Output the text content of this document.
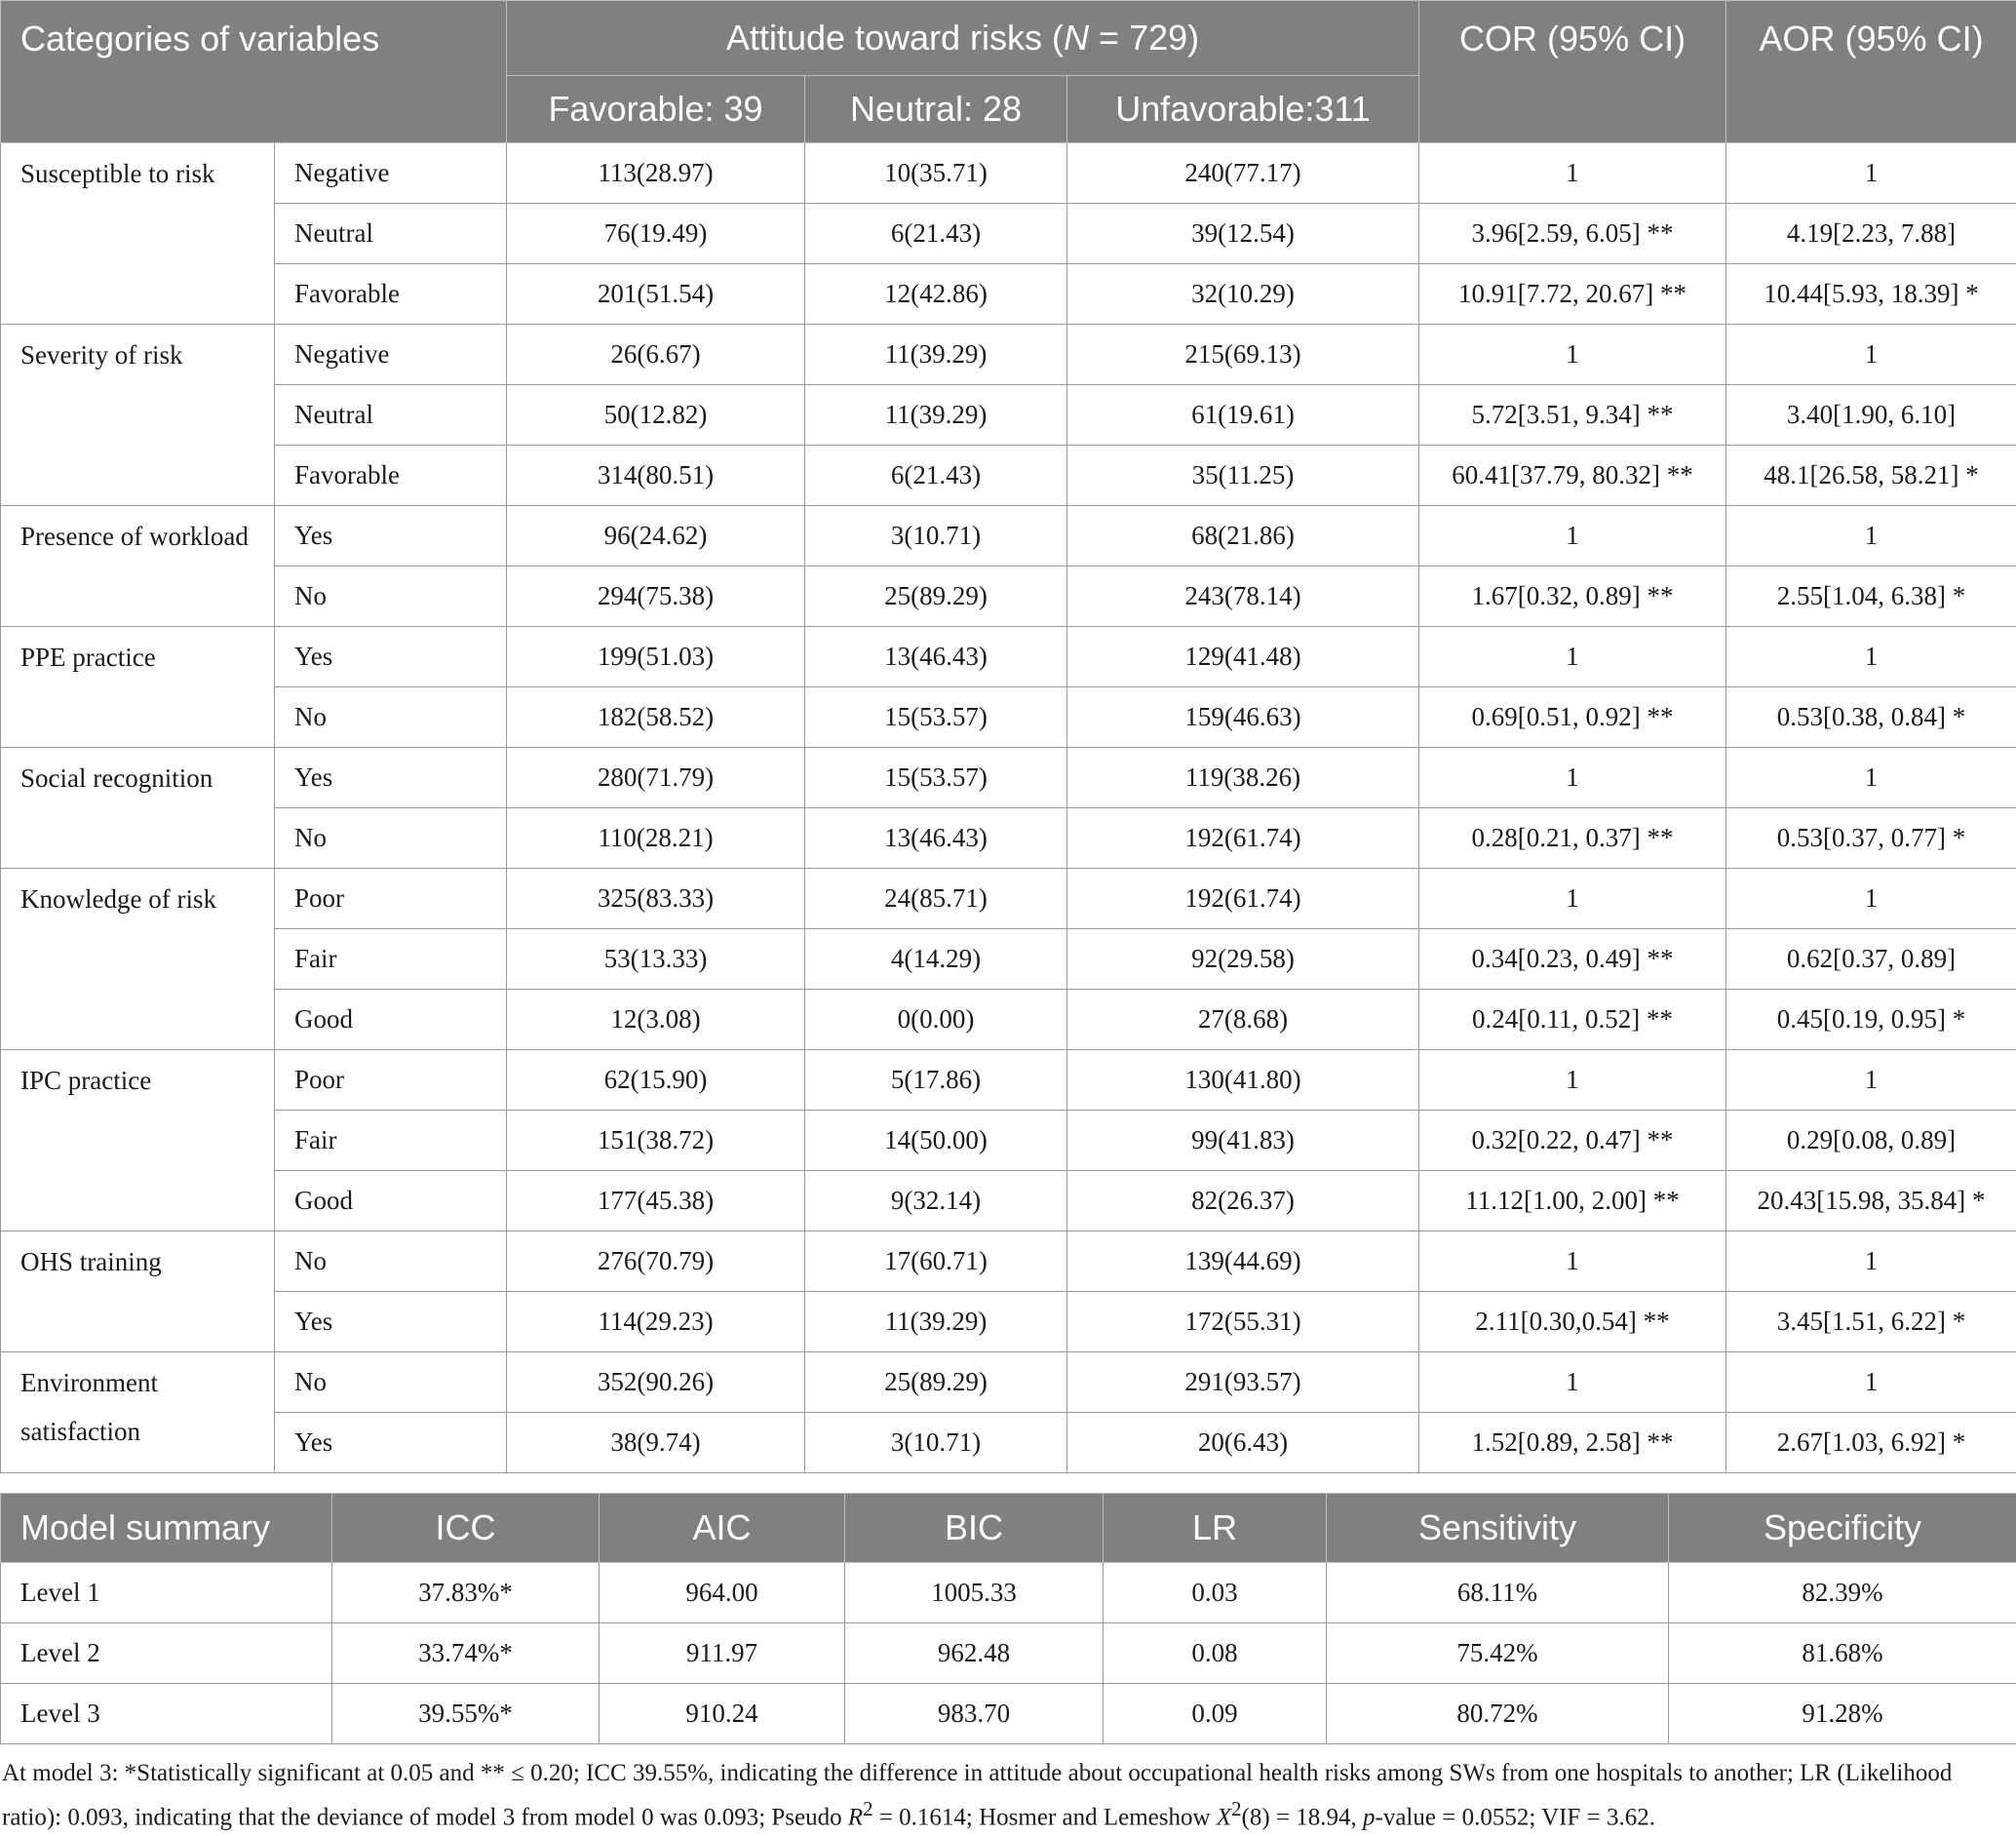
Categories of variables		Attitude toward risks (N = 729)			COR (95% CI)	AOR (95% CI)
		Favorable: 39	Neutral: 28	Unfavorable:311		
Susceptible to risk	Negative	113(28.97)	10(35.71)	240(77.17)	1	1
	Neutral	76(19.49)	6(21.43)	39(12.54)	3.96[2.59, 6.05] **	4.19[2.23, 7.88]
	Favorable	201(51.54)	12(42.86)	32(10.29)	10.91[7.72, 20.67] **	10.44[5.93, 18.39] *
Severity of risk	Negative	26(6.67)	11(39.29)	215(69.13)	1	1
	Neutral	50(12.82)	11(39.29)	61(19.61)	5.72[3.51, 9.34] **	3.40[1.90, 6.10]
	Favorable	314(80.51)	6(21.43)	35(11.25)	60.41[37.79, 80.32] **	48.1[26.58, 58.21] *
Presence of workload	Yes	96(24.62)	3(10.71)	68(21.86)	1	1
	No	294(75.38)	25(89.29)	243(78.14)	1.67[0.32, 0.89] **	2.55[1.04, 6.38] *
PPE practice	Yes	199(51.03)	13(46.43)	129(41.48)	1	1
	No	182(58.52)	15(53.57)	159(46.63)	0.69[0.51, 0.92] **	0.53[0.38, 0.84] *
Social recognition	Yes	280(71.79)	15(53.57)	119(38.26)	1	1
	No	110(28.21)	13(46.43)	192(61.74)	0.28[0.21, 0.37] **	0.53[0.37, 0.77] *
Knowledge of risk	Poor	325(83.33)	24(85.71)	192(61.74)	1	1
	Fair	53(13.33)	4(14.29)	92(29.58)	0.34[0.23, 0.49] **	0.62[0.37, 0.89]
	Good	12(3.08)	0(0.00)	27(8.68)	0.24[0.11, 0.52] **	0.45[0.19, 0.95] *
IPC practice	Poor	62(15.90)	5(17.86)	130(41.80)	1	1
	Fair	151(38.72)	14(50.00)	99(41.83)	0.32[0.22, 0.47] **	0.29[0.08, 0.89]
	Good	177(45.38)	9(32.14)	82(26.37)	11.12[1.00, 2.00] **	20.43[15.98, 35.84] *
OHS training	No	276(70.79)	17(60.71)	139(44.69)	1	1
	Yes	114(29.23)	11(39.29)	172(55.31)	2.11[0.30,0.54] **	3.45[1.51, 6.22] *
Environment satisfaction	No	352(90.26)	25(89.29)	291(93.57)	1	1
	Yes	38(9.74)	3(10.71)	20(6.43)	1.52[0.89, 2.58] **	2.67[1.03, 6.92] *
Model summary	ICC	AIC	BIC	LR	Sensitivity	Specificity
Level 1	37.83%*	964.00	1005.33	0.03	68.11%	82.39%
Level 2	33.74%*	911.97	962.48	0.08	75.42%	81.68%
Level 3	39.55%*	910.24	983.70	0.09	80.72%	91.28%
At model 3: *Statistically significant at 0.05 and ** ≤ 0.20; ICC 39.55%, indicating the difference in attitude about occupational health risks among SWs from one hospitals to another; LR (Likelihood ratio): 0.093, indicating that the deviance of model 3 from model 0 was 0.093; Pseudo $R^2 = 0.1614$; Hosmer and Lemeshow $X^2(8) = 18.94$, p-value = 0.0552; VIF = 3.62.
